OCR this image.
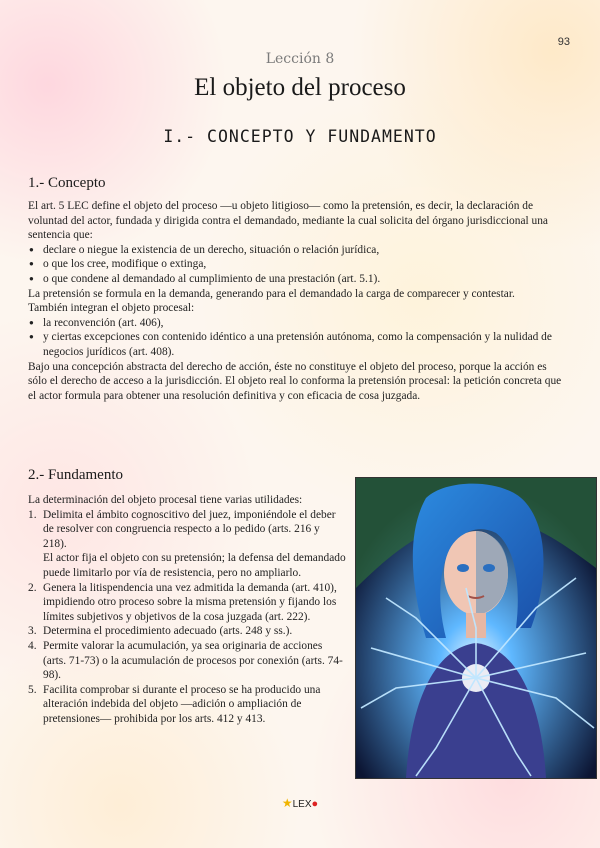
93
Lección 8
El objeto del proceso
I.- CONCEPTO Y FUNDAMENTO
1.- Concepto

El art. 5 LEC define el objeto del proceso —u objeto litigioso— como la pretensión, es decir, la declaración de voluntad del actor, fundada y dirigida contra el demandado, mediante la cual solicita del órgano jurisdiccional una sentencia que:

● declare o niegue la existencia de un derecho, situación o relación jurídica,
● o que los cree, modifique o extinga,
● o que condene al demandado al cumplimiento de una prestación (art. 5.1).

La pretensión se formula en la demanda, generando para el demandado la carga de comparecer y contestar.

También integran el objeto procesal:

● la reconvención (art. 406),
● y ciertas excepciones con contenido idéntico a una pretensión autónoma, como la compensación y la nulidad de negocios jurídicos (art. 408).

Bajo una concepción abstracta del derecho de acción, éste no constituye el objeto del proceso, porque la acción es sólo el derecho de acceso a la jurisdicción. El objeto real lo conforma la pretensión procesal: la petición concreta que el actor formula para obtener una resolución definitiva y con eficacia de cosa juzgada.

2.- Fundamento

La determinación del objeto procesal tiene varias utilidades:

1. Delimita el ámbito cognoscitivo del juez, imponiéndole el deber de resolver con congruencia respecto a lo pedido (arts. 216 y 218).
El actor fija el objeto con su pretensión; la defensa del demandado puede limitarlo por vía de resistencia, pero no ampliarlo.
2. Genera la litispendencia una vez admitida la demanda (art. 410), impidiendo otro proceso sobre la misma pretensión y fijando los límites subjetivos y objetivos de la cosa juzgada (art. 222).
3. Determina el procedimiento adecuado (arts. 248 y ss.).
4. Permite valorar la acumulación, ya sea originaria de acciones (arts. 71-73) o la acumulación de procesos por conexión (arts. 74-98).
5. Facilita comprobar si durante el proceso se ha producido una alteración indebida del objeto —adición o ampliación de pretensiones— prohibida por los arts. 412 y 413.
★LEX●
